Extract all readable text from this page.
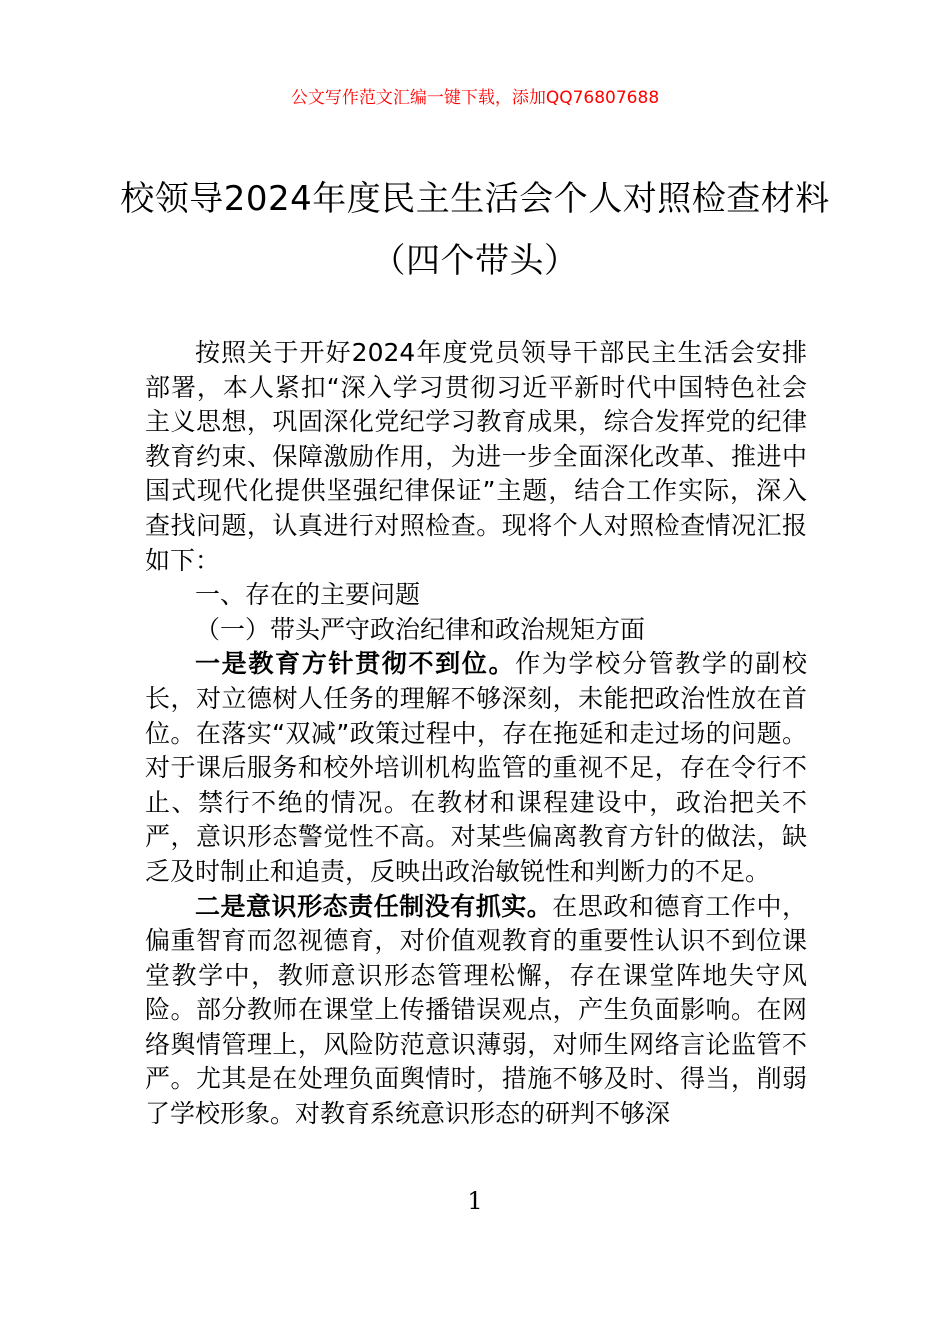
公文写作范文汇编一键下载，添加QQ76807688
校领导2024年度民主生活会个人对照检查材料（四个带头）

按照关于开好2024年度党员领导干部民主生活会安排部署，本人紧扣“深入学习贯彻习近平新时代中国特色社会主义思想，巩固深化党纪学习教育成果，综合发挥党的纪律教育约束、保障激励作用，为进一步全面深化改革、推进中国式现代化提供坚强纪律保证”主题，结合工作实际，深入查找问题，认真进行对照检查。现将个人对照检查情况汇报如下：

一、存在的主要问题

（一）带头严守政治纪律和政治规矩方面

一是教育方针贯彻不到位。作为学校分管教学的副校长，对立德树人任务的理解不够深刻，未能把政治性放在首位。在落实“双减”政策过程中，存在拖延和走过场的问题。对于课后服务和校外培训机构监管的重视不足，存在令行不止、禁行不绝的情况。在教材和课程建设中，政治把关不严，意识形态警觉性不高。对某些偏离教育方针的做法，缺乏及时制止和追责，反映出政治敏锐性和判断力的不足。

二是意识形态责任制没有抓实。在思政和德育工作中，偏重智育而忽视德育，对价值观教育的重要性认识不到位课堂教学中，教师意识形态管理松懈，存在课堂阵地失守风险。部分教师在课堂上传播错误观点，产生负面影响。在网络舆情管理上，风险防范意识薄弱，对师生网络言论监管不严。尤其是在处理负面舆情时，措施不够及时、得当，削弱了学校形象。对教育系统意识形态的研判不够深

1
